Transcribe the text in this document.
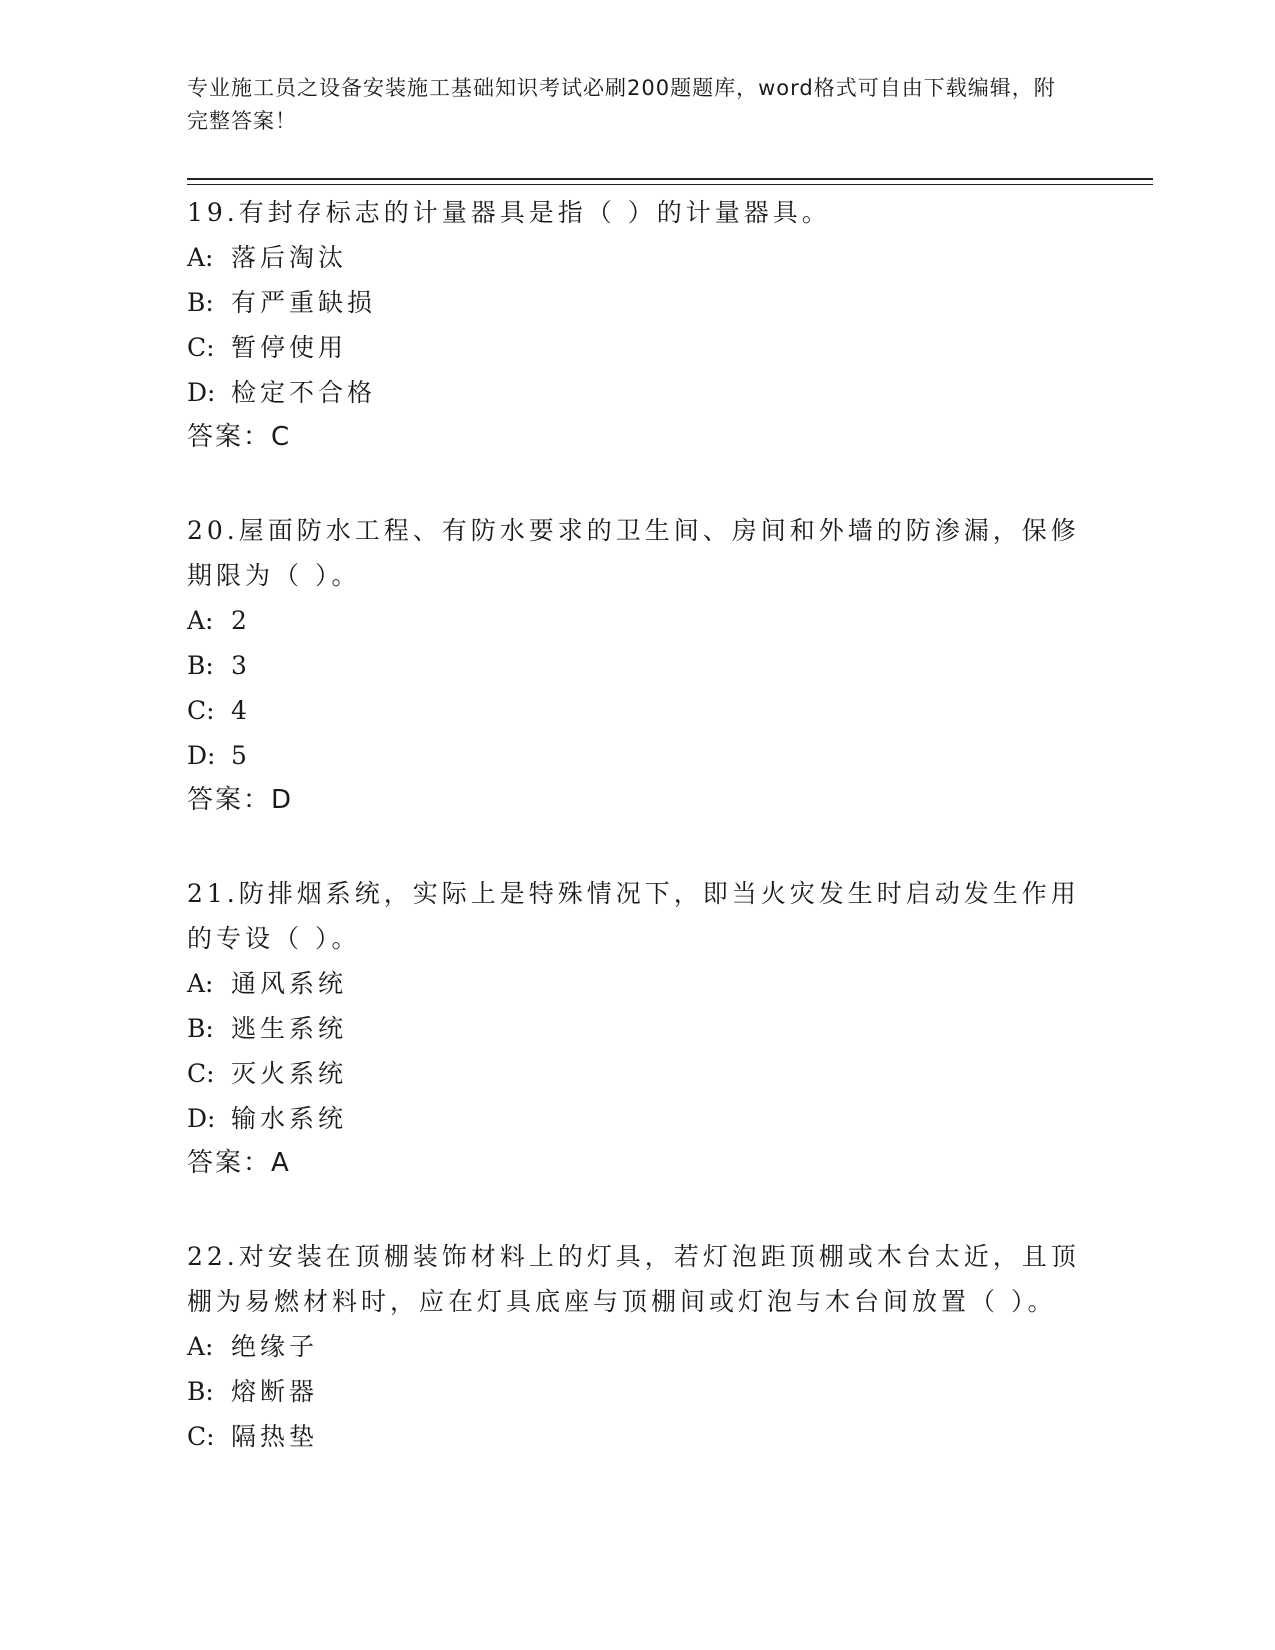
专业施工员之设备安装施工基础知识考试必刷200题题库，word格式可自由下载编辑，附完整答案！

19.有封存标志的计量器具是指（ ）的计量器具。

A: 落后淘汰
B: 有严重缺损
C: 暂停使用
D: 检定不合格
答案：C

20.屋面防水工程、有防水要求的卫生间、房间和外墙的防渗漏，保修期限为（ ）。

A: 2
B: 3
C: 4
D: 5
答案：D

21.防排烟系统，实际上是特殊情况下，即当火灾发生时启动发生作用的专设（ ）。

A: 通风系统
B: 逃生系统
C: 灭火系统
D: 输水系统
答案：A

22.对安装在顶棚装饰材料上的灯具，若灯泡距顶棚或木台太近，且顶棚为易燃材料时，应在灯具底座与顶棚间或灯泡与木台间放置（ ）。

A: 绝缘子
B: 熔断器
C: 隔热垫
